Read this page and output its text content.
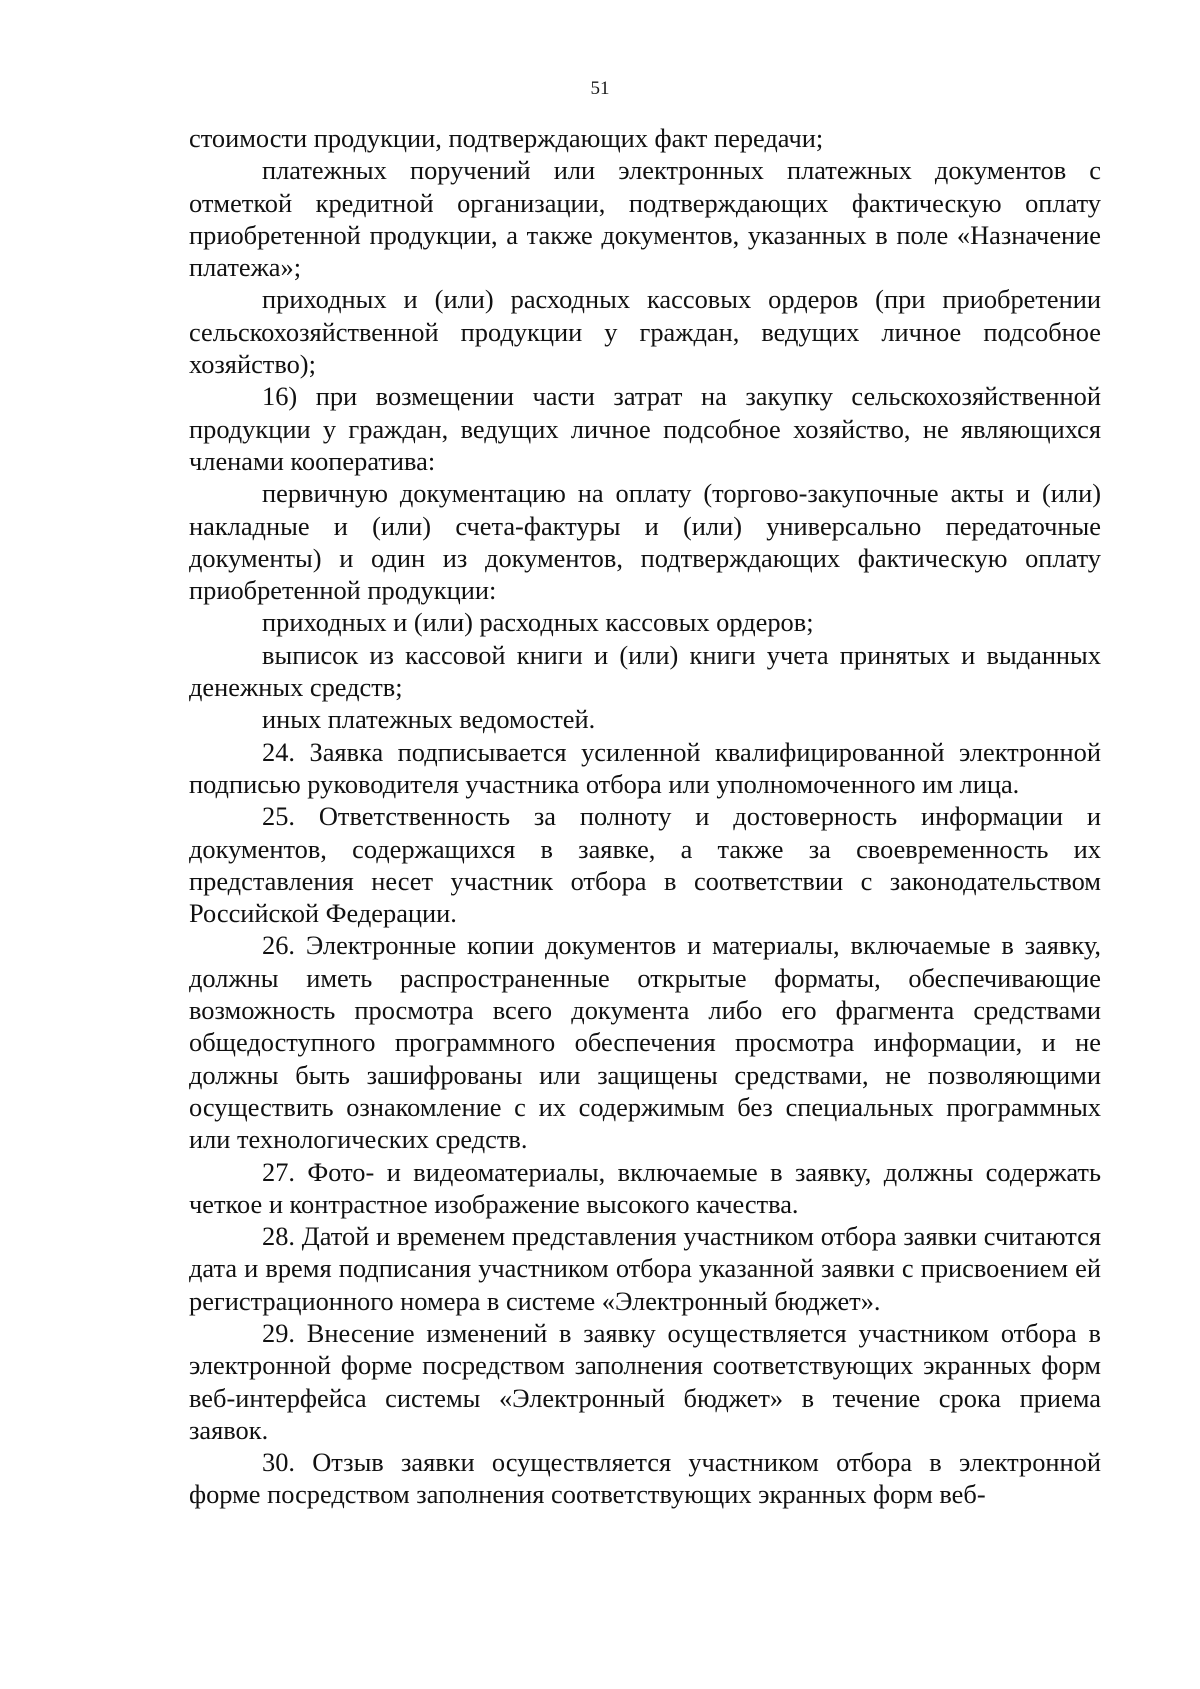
51

стоимости продукции, подтверждающих факт передачи;

платежных поручений или электронных платежных документов с отметкой кредитной организации, подтверждающих фактическую оплату приобретенной продукции, а также документов, указанных в поле «Назначение платежа»;

приходных и (или) расходных кассовых ордеров (при приобретении сельскохозяйственной продукции у граждан, ведущих личное подсобное хозяйство);

16) при возмещении части затрат на закупку сельскохозяйственной продукции у граждан, ведущих личное подсобное хозяйство, не являющихся членами кооператива:

первичную документацию на оплату (торгово-закупочные акты и (или) накладные и (или) счета-фактуры и (или) универсально передаточные документы) и один из документов, подтверждающих фактическую оплату приобретенной продукции:

приходных и (или) расходных кассовых ордеров;

выписок из кассовой книги и (или) книги учета принятых и выданных денежных средств;

иных платежных ведомостей.

24. Заявка подписывается усиленной квалифицированной электронной подписью руководителя участника отбора или уполномоченного им лица.

25. Ответственность за полноту и достоверность информации и документов, содержащихся в заявке, а также за своевременность их представления несет участник отбора в соответствии с законодательством Российской Федерации.

26. Электронные копии документов и материалы, включаемые в заявку, должны иметь распространенные открытые форматы, обеспечивающие возможность просмотра всего документа либо его фрагмента средствами общедоступного программного обеспечения просмотра информации, и не должны быть зашифрованы или защищены средствами, не позволяющими осуществить ознакомление с их содержимым без специальных программных или технологических средств.

27. Фото- и видеоматериалы, включаемые в заявку, должны содержать четкое и контрастное изображение высокого качества.

28. Датой и временем представления участником отбора заявки считаются дата и время подписания участником отбора указанной заявки с присвоением ей регистрационного номера в системе «Электронный бюджет».

29. Внесение изменений в заявку осуществляется участником отбора в электронной форме посредством заполнения соответствующих экранных форм веб-интерфейса системы «Электронный бюджет» в течение срока приема заявок.

30. Отзыв заявки осуществляется участником отбора в электронной форме посредством заполнения соответствующих экранных форм веб-
